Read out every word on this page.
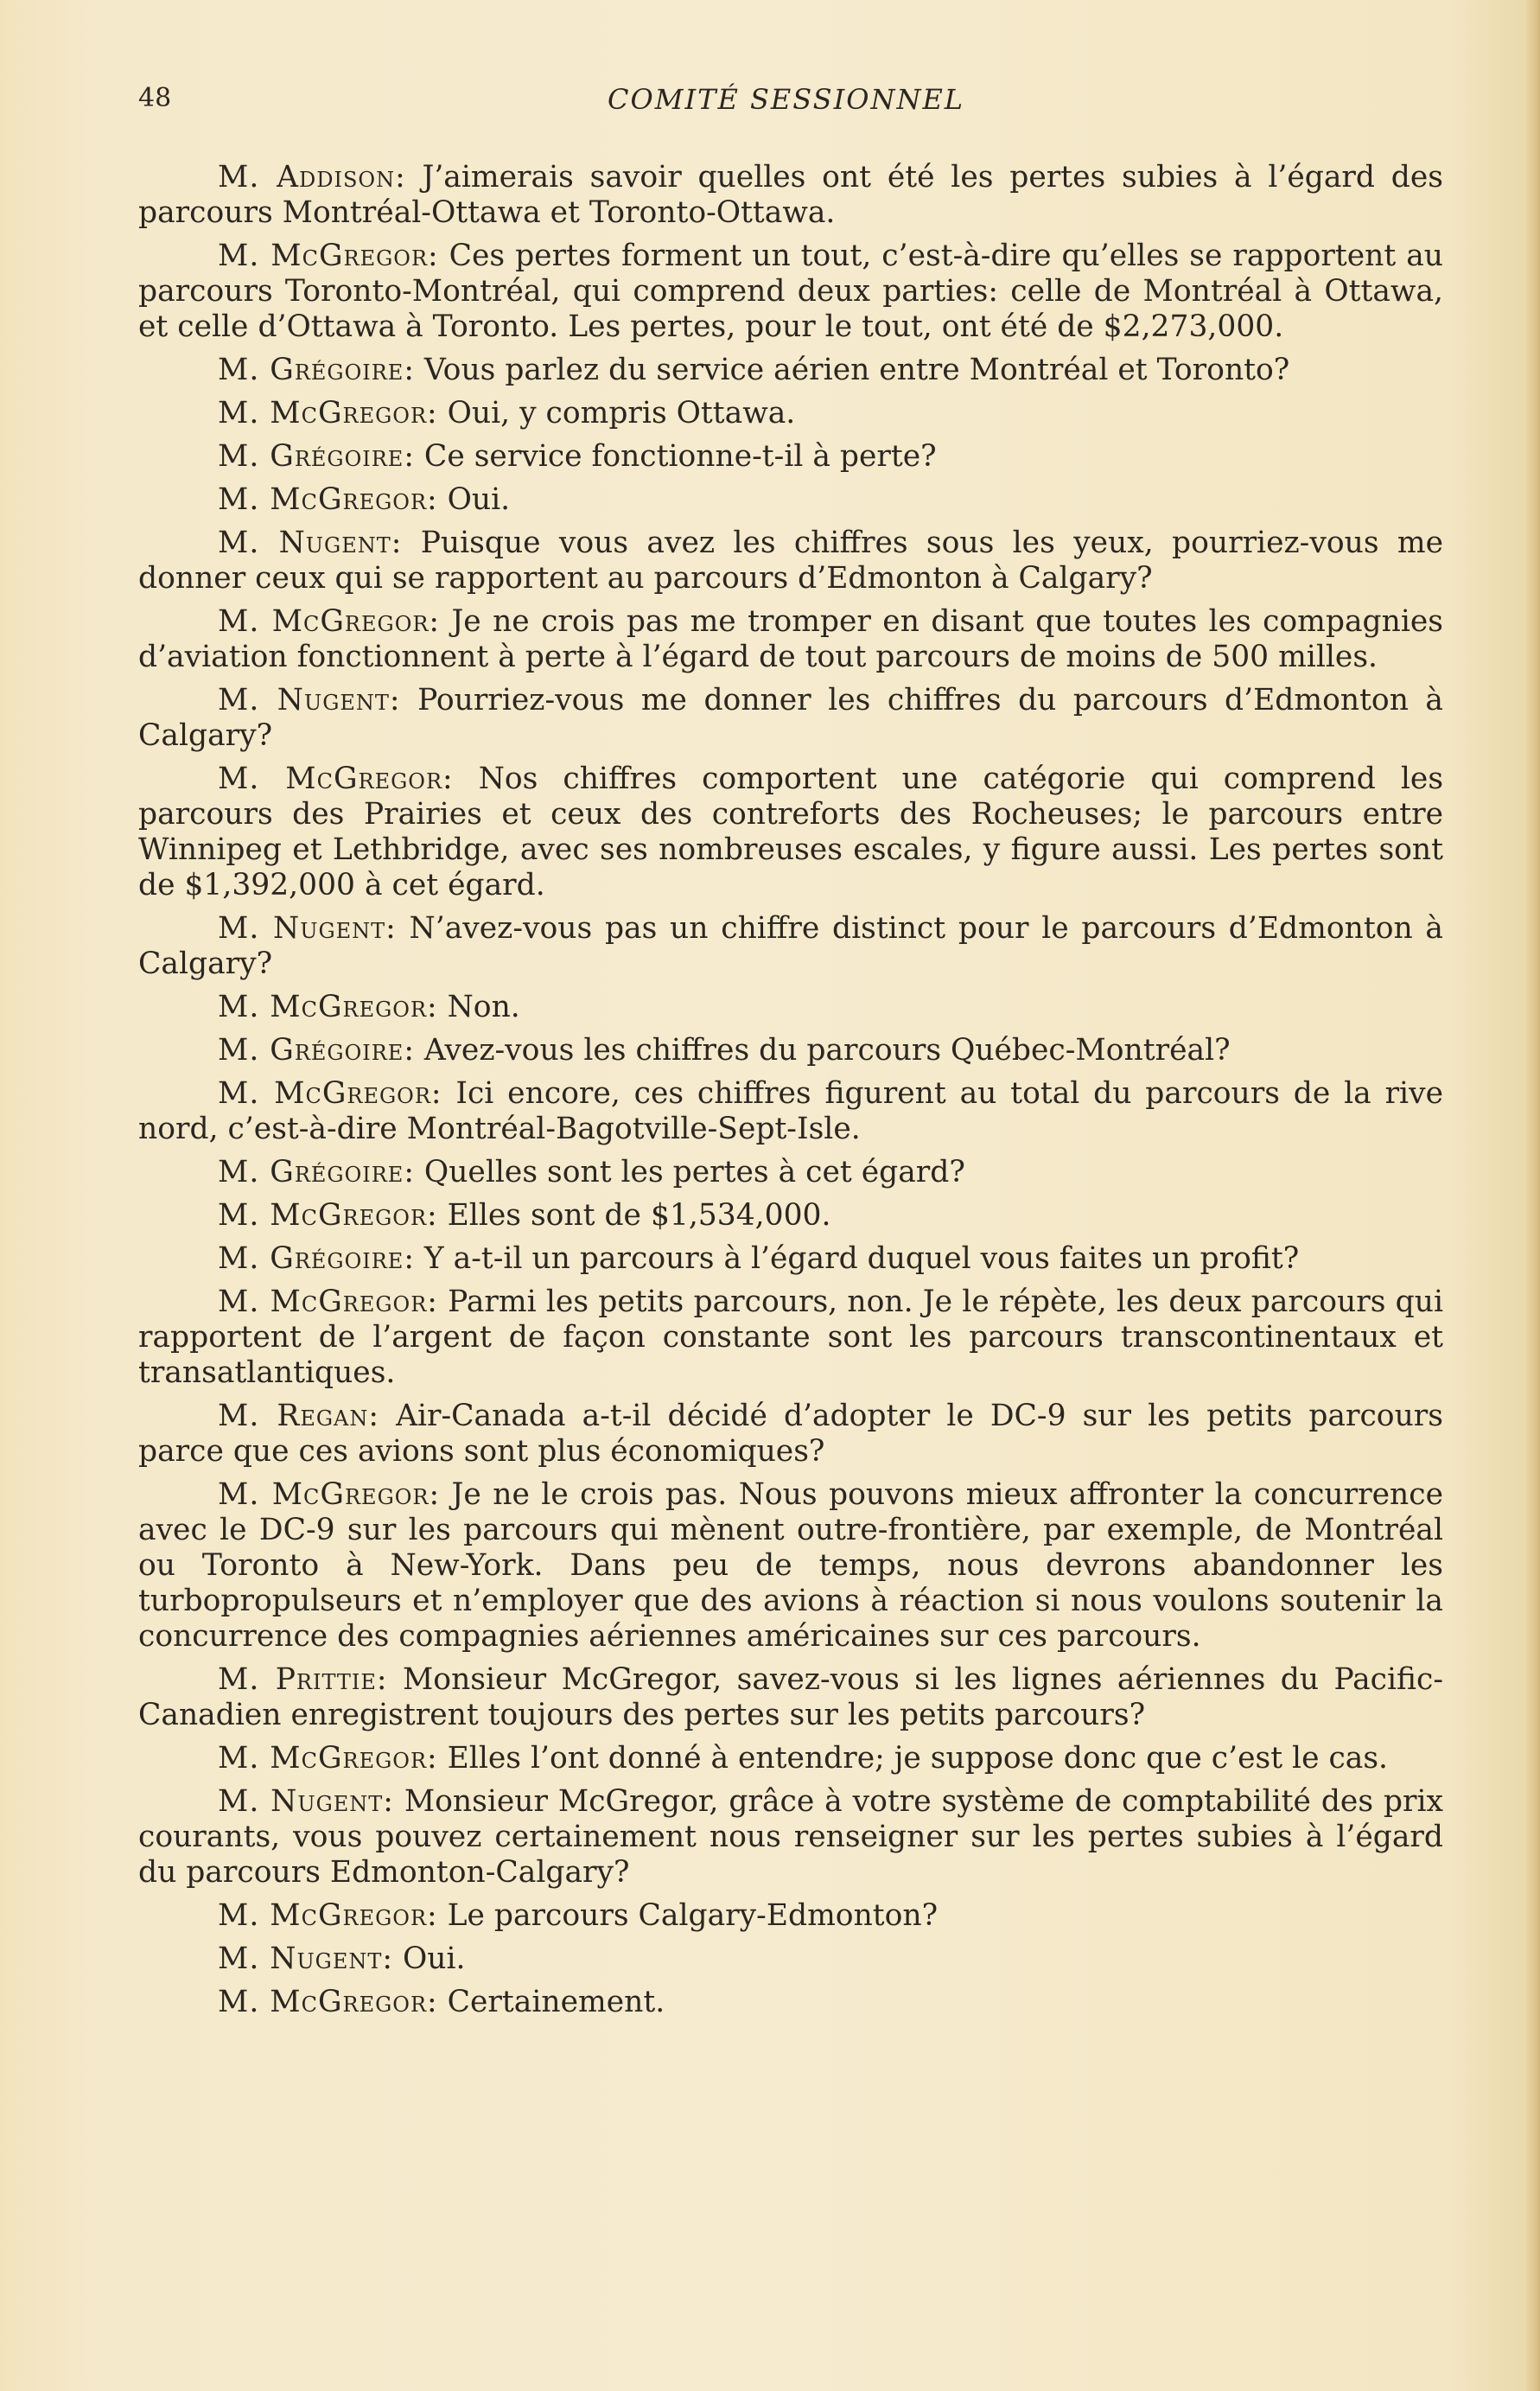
48	COMITÉ SESSIONNEL

M. Addison: J’aimerais savoir quelles ont été les pertes subies à l’égard des parcours Montréal-Ottawa et Toronto-Ottawa.

M. McGregor: Ces pertes forment un tout, c’est-à-dire qu’elles se rapportent au parcours Toronto-Montréal, qui comprend deux parties: celle de Montréal à Ottawa, et celle d’Ottawa à Toronto. Les pertes, pour le tout, ont été de $2,273,000.

M. Grégoire: Vous parlez du service aérien entre Montréal et Toronto?

M. McGregor: Oui, y compris Ottawa.

M. Grégoire: Ce service fonctionne-t-il à perte?

M. McGregor: Oui.

M. Nugent: Puisque vous avez les chiffres sous les yeux, pourriez-vous me donner ceux qui se rapportent au parcours d’Edmonton à Calgary?

M. McGregor: Je ne crois pas me tromper en disant que toutes les compagnies d’aviation fonctionnent à perte à l’égard de tout parcours de moins de 500 milles.

M. Nugent: Pourriez-vous me donner les chiffres du parcours d’Edmonton à Calgary?

M. McGregor: Nos chiffres comportent une catégorie qui comprend les parcours des Prairies et ceux des contreforts des Rocheuses; le parcours entre Winnipeg et Lethbridge, avec ses nombreuses escales, y figure aussi. Les pertes sont de $1,392,000 à cet égard.

M. Nugent: N’avez-vous pas un chiffre distinct pour le parcours d’Edmonton à Calgary?

M. McGregor: Non.

M. Grégoire: Avez-vous les chiffres du parcours Québec-Montréal?

M. McGregor: Ici encore, ces chiffres figurent au total du parcours de la rive nord, c’est-à-dire Montréal-Bagotville-Sept-Isle.

M. Grégoire: Quelles sont les pertes à cet égard?

M. McGregor: Elles sont de $1,534,000.

M. Grégoire: Y a-t-il un parcours à l’égard duquel vous faites un profit?

M. McGregor: Parmi les petits parcours, non. Je le répète, les deux parcours qui rapportent de l’argent de façon constante sont les parcours transcontinentaux et transatlantiques.

M. Regan: Air-Canada a-t-il décidé d’adopter le DC-9 sur les petits parcours parce que ces avions sont plus économiques?

M. McGregor: Je ne le crois pas. Nous pouvons mieux affronter la concurrence avec le DC-9 sur les parcours qui mènent outre-frontière, par exemple, de Montréal ou Toronto à New-York. Dans peu de temps, nous devrons abandonner les turbopropulseurs et n’employer que des avions à réaction si nous voulons soutenir la concurrence des compagnies aériennes américaines sur ces parcours.

M. Prittie: Monsieur McGregor, savez-vous si les lignes aériennes du Pacific-Canadien enregistrent toujours des pertes sur les petits parcours?

M. McGregor: Elles l’ont donné à entendre; je suppose donc que c’est le cas.

M. Nugent: Monsieur McGregor, grâce à votre système de comptabilité des prix courants, vous pouvez certainement nous renseigner sur les pertes subies à l’égard du parcours Edmonton-Calgary?

M. McGregor: Le parcours Calgary-Edmonton?

M. Nugent: Oui.

M. McGregor: Certainement.
